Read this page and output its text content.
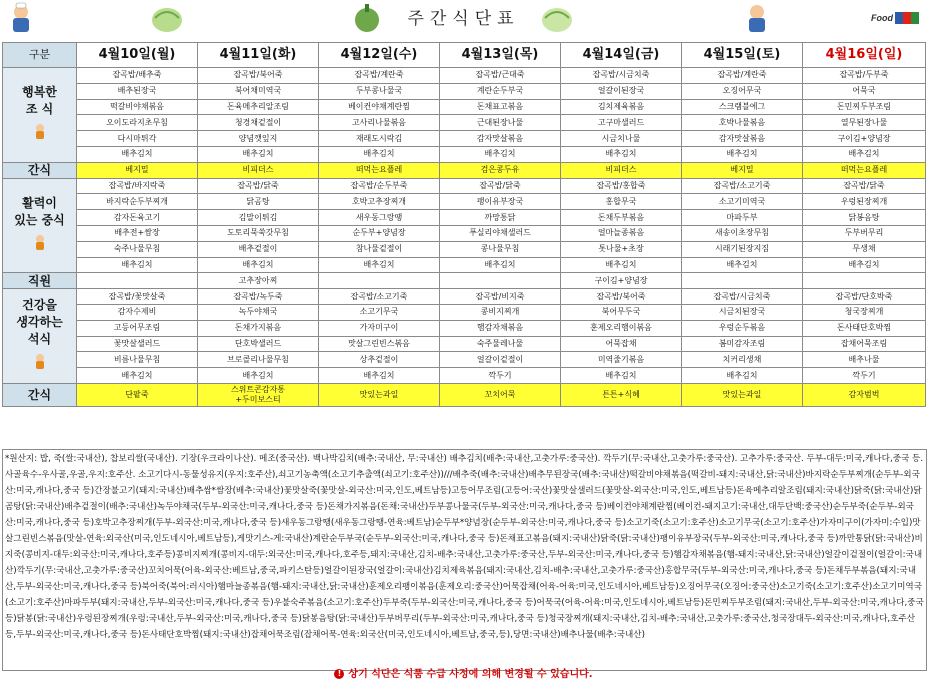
주간식단표	Food
구분	4월10일(월)	4월11일(화)	4월12일(수)	4월13일(목)	4월14일(금)	4월15일(토)	4월16일(일)

행복한
조 식	잡곡밥/배추죽	잡곡밥/북어죽	잡곡밥/계란죽	잡곡밥/근대죽	잡곡밥/시금치죽	잡곡밥/계란죽	잡곡밥/두부죽
	배추된장국	북어채미역국	두부콩나물국	계란순두부국	얼갈이된장국	오징어무국	어묵국
	떡갈비야채볶음	돈육메추리알조림	베이컨야채계란찜	돈채표고볶음	김치제육볶음	스크램블에그	돈민찌두부조림
	오이도라지초무침	청경채겉절이	고사리나물볶음	근대된장나물	고구마샐러드	호박나물볶음	열무된장나물
	다시마튀각	양념깻잎지	재래도시락김	감자맛살볶음	시금치나물	감자맛살볶음	구이김+양념장
	배추김치	배추김치	배추김치	배추김치	배추김치	배추김치	배추김치
간식	베지밀	비피더스	떠먹는요플레	검은콩두유	비피더스	베지밀	떠먹는요플레

활력이
있는 중식	잡곡밥/바지락죽	잡곡밥/닭죽	잡곡밥/순두부죽	잡곡밥/닭죽	잡곡밥/홍합죽	잡곡밥/소고기죽	잡곡밥/닭죽
	바지락순두부찌개	닭곰탕	호박고추장찌개	팽이유부장국	홍합무국	소고기미역국	우렁된장찌개
	감자돈육고기	김말이튀김	새우동그랑땡	까망통닭	돈채두부볶음	마파두부	닭봉음탕
	배추전+쌈장	도토리묵쑥갓무침	순두부+양념장	푸실리야채샐러드	얼마늘종볶음	새송이초장무침	두부버무리
	숙주나물무침	배추겉절이	참나물겉절이	콩나물무침	톳나물+초장	시래기된장지짐	무생채
	배추김치	배추김치	배추김치	배추김치	배추김치	배추김치	배추김치
직원		고추장아찌			구이김+양념장		

건강을
생각하는
석식	잡곡밥/꽃맛살죽	잡곡밥/녹두죽	잡곡밥/소고기죽	잡곡밥/비지죽	잡곡밥/북어죽	잡곡밥/시금치죽	잡곡밥/단호박죽
	감자수제비	녹두야채국	소고기무국	콩비지찌개	북어무두국	시금치된장국	청국장찌개
	고등어무조림	돈채가지볶음	가자미구이	햄감자채볶음	훈제오리햄이볶음	우렁순두볶음	돈사태단호박찜
	꽃맛살샐러드	단호박샐러드	맛살그린빈스볶음	숙주물레나물	어묵잡채	봄미감자조림	잡채어묵조림
	비름나물무침	브로콜리나물무침	상추겉절이	얼갈이겉절이	미역줄기볶음	치커리생채	배추나물
	배추김치	배추김치	배추김치	깍두기	배추김치	배추김치	깍두기
간식	단팥죽	스위트콘감자통
+두미보스티	맛있는과일	꼬치어묵	튼튼+식혜	맛있는과일	감자범벅
*원산지: 밥, 죽(쌀:국내산), 찹보리쌀(국내산). 기장(우크라이나산). 메조(중국산). 백나박김치(배추:국내산, 무:국내산) 배추김치(배추:국내산,고춧가루:중국산). 깍두기(무:국내산,고춧가루:중국산). 고추가루:중국산. 두부-대두:미국,캐나다,중국 등. 사골육수-우사골,우골,우지:호주산. 소고기다시-동물성유지(우지:호주산),쇠고기농축액(소고기추출액(쇠고기:호주산))///배추죽(배추:국내산)배추무된장국(배추:국내산)떡갈비야채볶음(떡갈비-돼지:국내산,닭:국내산)바지락순두부찌개(순두부-외국산:미국,캐나다,중국 등)간장불고기(돼지:국내산)배추쌈*쌈장(배추:국내산)꽃맛살죽(꽃맛살-외국산:미국,인도,베트남등)고등어무조림(고등어:국산)꽃맛살샐러드(꽃맛살-외국산:미국,인도,베트남등)돈육메추리알조림(돼지:국내산)닭죽(닭:국내산)닭곰탕(닭:국내산)배추겉절이(배추:국내산)녹두야채국(두부-외국산:미국,캐나다,중국 등)돈채가지볶음(돈채:국내산)두부콩나물국(두부-외국산:미국,캐나다,중국 등)베이컨야채계란찜(베이컨-돼지고기:국내산,대두단백:중국산)순두부죽(순두부-외국산:미국,캐나다,중국 등)호박고추장찌개(두부-외국산:미국,캐나다,중국 등)새우동그랑땡(새우동그랑땡-연육:베트남)순두부*양념장(순두부-외국산:미국,캐나다,중국 등)소고기죽(소고기:호주산)소고기무국(소고기:호주산)가자미구이(가자미:수입)맛살그린빈스볶음(맛살-연육:외국산(미국,인도네시아,베트남등),게맛기스-게:국내산)계란순두부국(순두부-외국산:미국,캐나다,중국 등)돈채표고볶음(돼지:국내산)닭죽(닭:국내산)팽이유부장국(두부-외국산:미국,캐나다,중국 등)까만통닭(닭:국내산)비지죽(콩비지-대두:외국산:미국,캐나다,호주등)콩비지찌개(콩비지-대두:외국산:미국,캐나다,호주등,돼지:국내산,김치-배추:국내산,고춧가루:중국산,두부-외국산:미국,캐나다,중국 등)햄감자채볶음(햄-돼지:국내산,닭:국내산)얼갈이겉절이(얼갈이:국내산)깍두기(무:국내산,고춧가루:중국산)꼬치어묵(어육-외국산:베트남,중국,파키스탄등)얼갈이된장국(얼갈이:국내산)김치제육볶음(돼지:국내산,김치-배추:국내산,고춧가루:중국산)홍합무국(두부-외국산:미국,캐나다,중국 등)돈채두부볶음(돼지:국내산,두부-외국산:미국,캐나다,중국 등)북어죽(북어:러시아)햄마늘종볶음(햄-돼지:국내산,닭:국내산)훈제오리팽이볶음(훈제오리:중국산)어묵잡채(어육-어육:미국,인도네시아,베트남등)오징어무국(오징어:중국산)소고기죽(소고기:호주산)소고기미역국(소고기:호주산)마파두부(돼지:국내산,두부-외국산:미국,캐나다,중국 등)우불숙주볶음(소고기:호주산)두부죽(두부-외국산:미국,캐나다,중국 등)어묵국(어육-어육:미국,인도네시아,베트남등)돈민찌두부조림(돼지:국내산,두부-외국산:미국,캐나다,중국 등)닭봉(닭:국내산)우렁된장찌개(우렁:국내산,두부-외국산:미국,캐나다,중국 등)닭봉음탕(닭:국내산)두부버무리(두부-외국산:미국,캐나다,중국 등)청국장찌개(돼지:국내산,김치-배추:국내산,고춧가루:중국산,청국장대두-외국산:미국,캐나다,호주산등,두부-외국산:미국,캐나다,중국 등)돈사태단호박찜(돼지:국내산)잡채어묵조림(잡채어묵-연육:외국산(미국,인도네시아,베트남,중국,등),당면:국내산)배추나물(배추:국내산)
! 상기 식단은 식품 수급 사정에 의해 변경될 수 있습니다.
